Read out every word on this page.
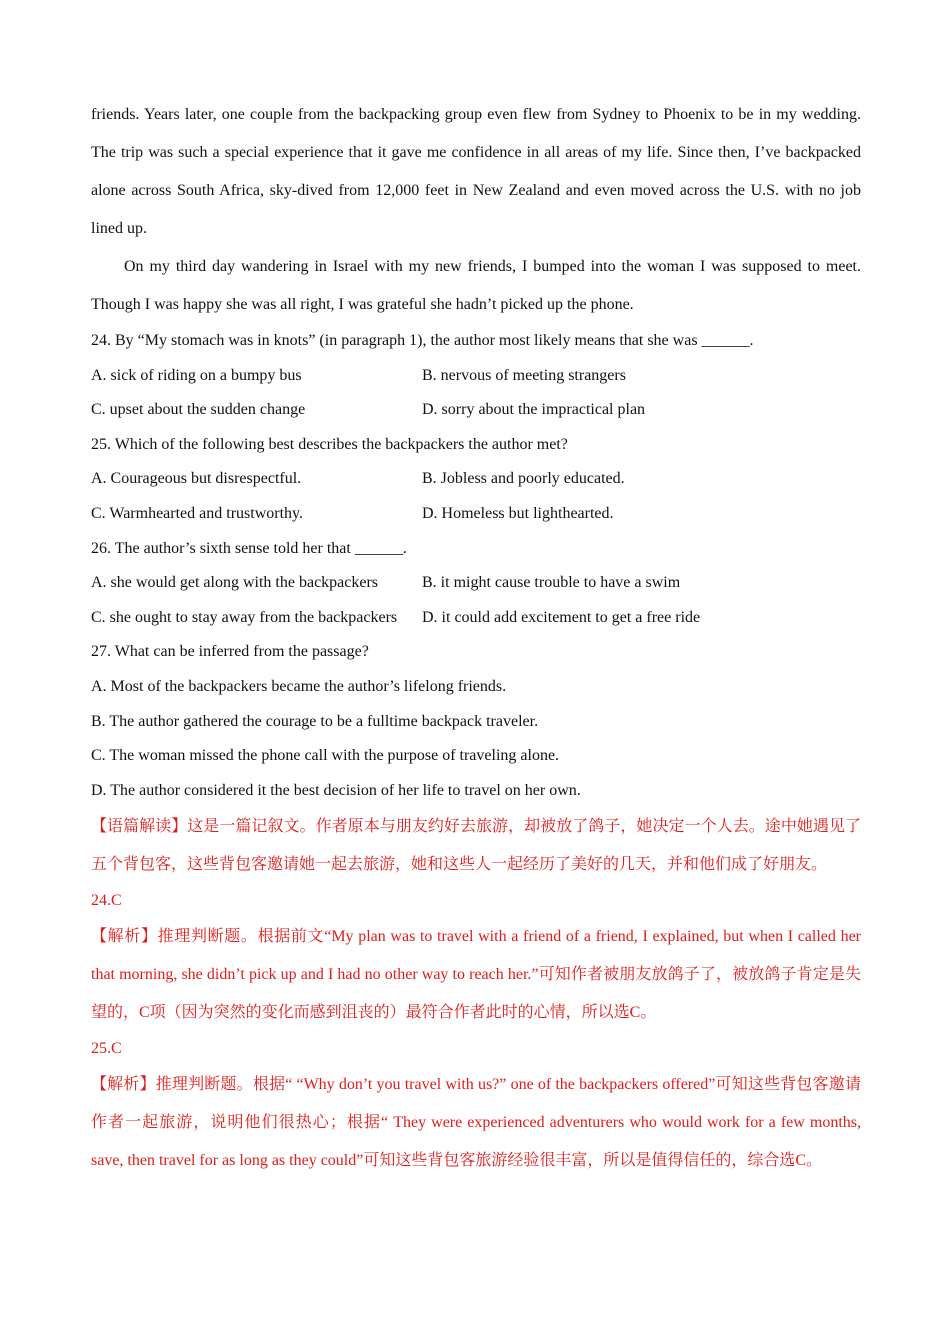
friends. Years later, one couple from the backpacking group even flew from Sydney to Phoenix to be in my wedding. The trip was such a special experience that it gave me confidence in all areas of my life. Since then, I’ve backpacked alone across South Africa, sky-dived from 12,000 feet in New Zealand and even moved across the U.S. with no job lined up.

On my third day wandering in Israel with my new friends, I bumped into the woman I was supposed to meet. Though I was happy she was all right, I was grateful she hadn’t picked up the phone.

24. By “My stomach was in knots” (in paragraph 1), the author most likely means that she was ______.

A. sick of riding on a bumpy bus	B. nervous of meeting strangers
C. upset about the sudden change	D. sorry about the impractical plan

25. Which of the following best describes the backpackers the author met?

A. Courageous but disrespectful.	B. Jobless and poorly educated.
C. Warmhearted and trustworthy.	D. Homeless but lighthearted.

26. The author’s sixth sense told her that ______.

A. she would get along with the backpackers	B. it might cause trouble to have a swim
C. she ought to stay away from the backpackers	D. it could add excitement to get a free ride

27. What can be inferred from the passage?

A. Most of the backpackers became the author’s lifelong friends.

B. The author gathered the courage to be a fulltime backpack traveler.

C. The woman missed the phone call with the purpose of traveling alone.

D. The author considered it the best decision of her life to travel on her own.

【语篇解读】这是一篇记叙文。作者原本与朋友约好去旅游，却被放了鸽子，她决定一个人去。途中她遇见了五个背包客，这些背包客邀请她一起去旅游，她和这些人一起经历了美好的几天，并和他们成了好朋友。

24.C

【解析】推理判断题。根据前文“My plan was to travel with a friend of a friend, I explained, but when I called her that morning, she didn’t pick up and I had no other way to reach her.”可知作者被朋友放鸽子了，被放鸽子肯定是失望的，C项（因为突然的变化而感到沮丧的）最符合作者此时的心情，所以选C。

25.C

【解析】推理判断题。根据“ “Why don’t you travel with us?” one of the backpackers offered”可知这些背包客邀请作者一起旅游，说明他们很热心；根据“ They were experienced adventurers who would work for a few months, save, then travel for as long as they could”可知这些背包客旅游经验很丰富，所以是值得信任的，综合选C。
